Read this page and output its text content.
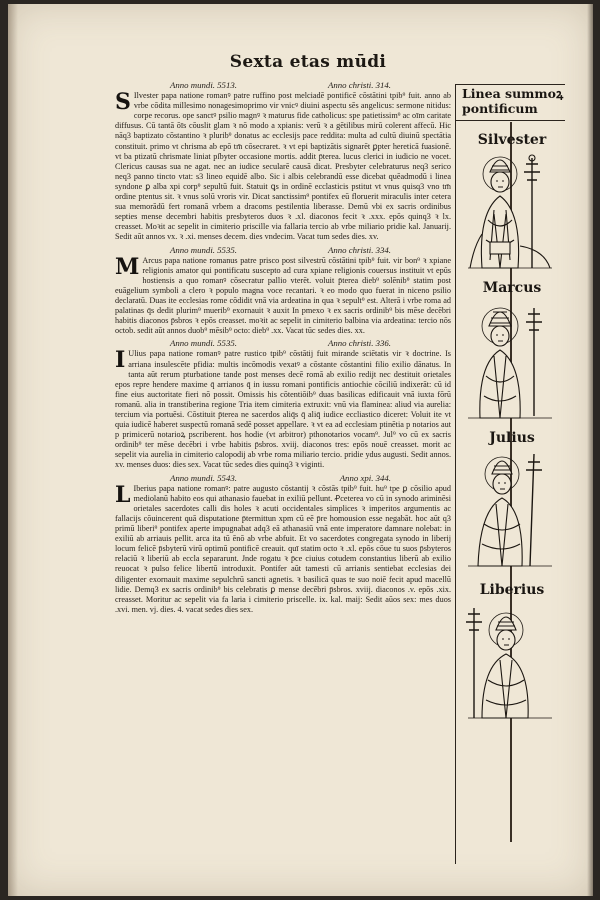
Sexta etas mūdi
Anno mundi. 5513.	Anno christi. 314.
S Ilvester papa natione romanꝰ patre ruffino post melciadē pontificē cōstātini tpib⁹ fuit. anno ab vrbe cōdita millesimo nonagesimoprimo vir vnicꝰ diuini aspectu sēs angelicus: sermone nitidus: corpe recorus. ope sanctꝰ psilio magnꝰ ꝛ maturus fide catholicus: spe patietissim⁹ ac oīm caritate diffusus. Cū tantā ōīs cōuslit glam ꝛ nō modo a xpianis: verū ꝛ a gētilibus mirū colerent affecū. Hic nāq3 baptizato cōstantino ꝛ plurib⁹ donatus ac ecclesijs pace reddita: multa ad cultū diuinū spectātia constituit. primo vt chrisma ab epō tm̄ cōsecraret. ꝛ vt epi baptizātis signarēt ꝑpter hereticā fuasionē. vt ba ptizatū chrismate liniat pſbyter occasione mortis. addit p̄terea. lucus clerici in iudicio ne vocet. Clericus causas sua ne agat. nec an iudice secularē causā dicat. Presbyter celebraturus neq3 serico neq3 panno tincto vtat: s3 lineo equidē albo. Sic i albis celebrandū esse dicebat quēadmodū i linea syndone ꝑ alba xpi corp⁹ sepultū fuit. Statuit ꝗs in ordinē ecclasticis pstitut vt vnus quisq3 vno tm̄ ordine ptentus sit. ꝛ vnus solū vroris vir. Dicat sanctissim⁹ pontifex eū floruerit miraculis inter cetera sua memorādū fert romanā vrbem a dracoms pestilentia liberasse. Demū vbi ex sacris ordinibus septies mense decembri habitis presbyteros duos ꝛ .xl. diaconos fecit ꝛ .xxx. epōs quinq3 ꝛ lx. creasset. Moꝛit ac sepelit in cimiterio priscille via fallaria tercio ab vrbe miliario pridie kal. Januarij. Sedit aūt annos vx. ꝛ .xi. menses decem. dies vndecim. Vacat tum sedes dies. xv.
Anno mundi. 5535.	Anno christi. 334.
M Arcus papa natione romanus patre prisco post silvestrū cōstātini tpib⁹ fuit. vir bon⁹ ꝛ xpiane religionis amator qui pontificatu suscepto ad cura xpiane religionis couersus instituit vt epūs hostiensis a quo romanꝰ cōsecratur pallio vterēt. voluit p̄terea dieb⁹ solēnib⁹ statim post euāgelium symboli a clero ꝛ populo magna voce recantari. ꝛ eo modo quo fuerat in niceno psilio declaratū. Duas ite ecclesias rome cōdidit vnā via ardeatina in qua ꝛ sepult⁹ est. Alterā i vrbe roma ad palatinas q̄s dedit plurim⁹ muerib⁹ exornauit ꝛ auxit In pmexo ꝛ ex sacris ordinib⁹ bis mēse decēbri habitis diaconos p̄sbros ꝛ epōs creasset. moꝛit ac sepelit in cimiterio balbina via ardeatina: tercio nōs octob. sedit aūt annos duob⁹ mēsib⁹ octo: dieb⁹ .xx. Vacat tūc sedes dies. xx.
Anno mundi. 5535.	Anno christi. 336.
I Ulius papa natione romanꝰ patre rustico tpib⁹ cōstātij fuit mirande sciētatis vir ꝛ doctrine. Is arriana insulescēte pfidia: multis incōmodis vexatꝰ a cōstante cōstantini filio exilio dānatus. In tanta aūt rerum pturbatione tande post menses decē romā ab exilio redijt nec destituit orietales epos repre hendere maxime q̄ arrianos q̄ in iussu romani pontificis antiochie cōciliū indixerāt: cū id fine eius auctoritate fieri nō possit. Omissis his cōtentiōib⁹ duas basilicas edificauit vnā iuxta fōrū romanū. alia in transtiberina regione Tria item cimiteria extruxit: vnū via flaminea: aliud via aurelia: tercium via portuēsi. Cōstituit p̄terea ne sacerdos aliq̄s q̄ aliq̄ iudice eccliastico diceret: Voluit ite vt quia iudicē haberet suspectū romanā sedē posset appellare. ꝛ vt ea ad ecclesiam ptinētia p notarios aut p primicerū notarioꝝ pscriberent. hos hodie (vt arbitror) pthonotarios vocam⁹. Jul⁹ vo cū ex sacris ordinib⁹ ter mēse decēbri i vrbe habitis p̄sbros. xviij. diaconos tres: epōs nouē creasset. morit ac sepelit via aurelia in cimiterio calopodij ab vrbe roma miliario tercio. pridie ydus augusti. Sedit annos. xv. menses duos: dies sex. Vacat tūc sedes dies quinq3 ꝛ viginti.
Anno mundi. 5543.	Anno xpi. 344.
L Iberius papa natione romanꝰ: patre augusto cōstantij ꝛ cōstās tpib⁹ fuit. hu⁹ tpe ꝑ cōsilio apud mediolanū habito eos qui athanasio fauebat in exiliū pellunt. Ꝓceterea vo cū in synodo ariminēsi orietales sacerdotes calli dis holes ꝛ acuti occidentales simplices ꝛ imperitos argumentis ac fallacijs cōuincerent quā disputatione p̄termittun xpm cū eē p̄re homousion esse negabāt. hoc aūt q3 primū liberi⁹ pontifex aperte impugnabat adq3 eā athanasiū vnā ente imperatore damnare nolebat: in exiliū ab arriauis pellit. arca ita tū ēnō ab vrbe abfuit. Et vo sacerdotes congregata synodo in liberij locum felicē p̄sbyterū virū optimū pontificē creauit. quī statim octo ꝛ .xl. epōs cōue tu suos p̄sbyteros relaciū ꝛ liberiū ab eccla separarunt. Jnde rogatu ꝛ p̄ce ciuius cotudem constantius liberū ab exilio reuocat ꝛ pulso felice libertū introduxit. Pontifer aūt tamesti cū arrianis sentiebat ecclesias dei diligenter exornauit maxime sepulchrū sancti agnetis. ꝛ basilicā quas te suo noiē fecit apud macellū lidie. Demq3 ex sacris ordinib⁹ bis celebratis ꝑ mense decēbri p̄sbros. xviij. diaconos .v. epōs .xix. creasset. Moritur ac sepelit via fa laria i cimiterio priscelle. ix. kal. maij: Sedit aūos sex: mes duos .xvi. men. vj. dies. 4. vacat sedes dies sex.
Linea summoꝝ
pontificum
Silvester
Marcus
Julius
Liberius
